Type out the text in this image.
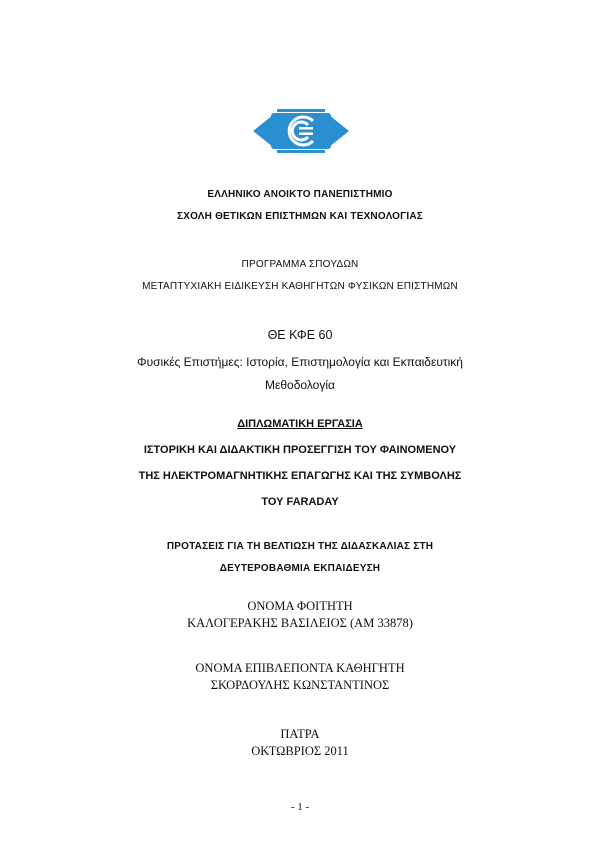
ΕΛΛΗΝΙΚΟ ΑΝΟΙΚΤΟ ΠΑΝΕΠΙΣΤΗΜΙΟ
ΣΧΟΛΗ ΘΕΤΙΚΩΝ ΕΠΙΣΤΗΜΩΝ ΚΑΙ ΤΕΧΝΟΛΟΓΙΑΣ
ΠΡΟΓΡΑΜΜΑ ΣΠΟΥΔΩΝ
ΜΕΤΑΠΤΥΧΙΑΚΗ ΕΙΔΙΚΕΥΣΗ ΚΑΘΗΓΗΤΩΝ ΦΥΣΙΚΩΝ ΕΠΙΣΤΗΜΩΝ
ΘΕ ΚΦΕ 60
Φυσικές Επιστήμες: Ιστορία, Επιστημολογία και Εκπαιδευτική
Μεθοδολογία
ΔΙΠΛΩΜΑΤΙΚΗ ΕΡΓΑΣΙΑ
ΙΣΤΟΡΙΚΗ ΚΑΙ ΔΙΔΑΚΤΙΚΗ ΠΡΟΣΕΓΓΙΣΗ ΤΟΥ ΦΑΙΝΟΜΕΝΟΥ
ΤΗΣ ΗΛΕΚΤΡΟΜΑΓΝΗΤΙΚΗΣ ΕΠΑΓΩΓΗΣ ΚΑΙ ΤΗΣ ΣΥΜΒΟΛΗΣ
ΤΟΥ FARADAY
ΠΡΟΤΑΣΕΙΣ ΓΙΑ ΤΗ ΒΕΛΤΙΩΣΗ ΤΗΣ ΔΙΔΑΣΚΑΛΙΑΣ ΣΤΗ
ΔΕΥΤΕΡΟΒΑΘΜΙΑ ΕΚΠΑΙΔΕΥΣΗ
ΟΝΟΜΑ ΦΟΙΤΗΤΗ
ΚΑΛΟΓΕΡΑΚΗΣ ΒΑΣΙΛΕΙΟΣ (ΑΜ 33878)
ΟΝΟΜΑ ΕΠΙΒΛΕΠΟΝΤΑ ΚΑΘΗΓΗΤΗ
ΣΚΟΡΔΟΥΛΗΣ ΚΩΝΣΤΑΝΤΙΝΟΣ
ΠΑΤΡΑ
ΟΚΤΩΒΡΙΟΣ 2011
- 1 -
